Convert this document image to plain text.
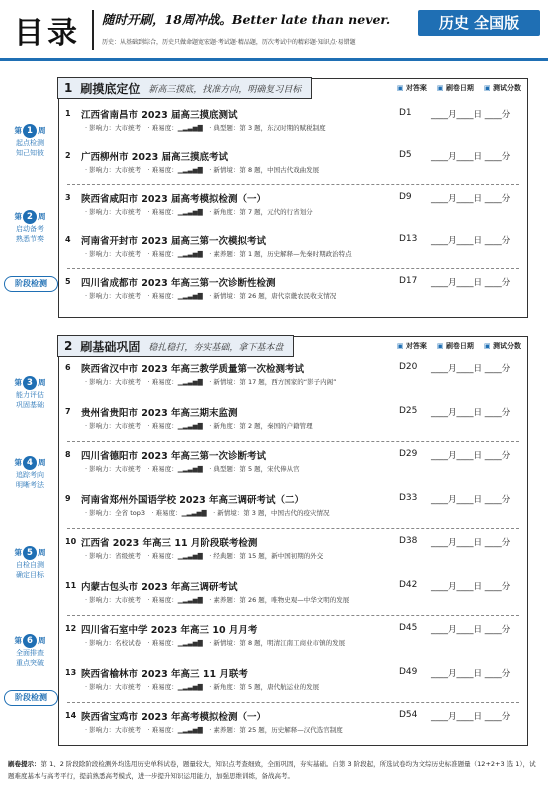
目录 随时开刷，18周冲战。Better late than never.
历史：从基础到综合，历史只做命题宽宏题·考试题·精品题，历次考试中的精彩题·知识点·易错题
历史 全国版
1 刷摸底定位 新高三摸底，找准方向，明确复习目标	▣ 对答案	▣ 刷卷日期	▣ 测试分数
1 江西省南昌市 2023 届高三摸底测试	D1 ____月____日 ____分
· 影响力：大市统考　· 难易度：▁▂▃▅▇　· 典型题：第 3 题，东汉时期的赋税制度
2 广西柳州市 2023 届高三摸底考试	D5 ____月____日 ____分
· 影响力：大市统考　· 难易度：▁▂▃▅▇　· 新情境：第 8 题，中国古代戏曲发展
3 陕西省咸阳市 2023 届高考模拟检测（一）	D9 ____月____日 ____分
· 影响力：大市统考　· 难易度：▁▂▃▅▇　· 新角度：第 7 题，元代的行省划分
4 河南省开封市 2023 届高三第一次模拟考试	D13 ____月____日 ____分
· 影响力：大市统考　· 难易度：▁▂▃▅▇　· 素养题：第 1 题，历史解释—先秦时期政治特点
5 四川省成都市 2023 年高三第一次诊断性检测	D17 ____月____日 ____分
· 影响力：大市统考　· 难易度：▁▂▃▅▇　· 新情境：第 26 题，唐代京畿农民收支情况
2 刷基础巩固 稳扎稳打，夯实基础，拿下基本盘	▣ 对答案	▣ 刷卷日期	▣ 测试分数
6 陕西省汉中市 2023 年高三教学质量第一次检测考试	D20 ____月____日 ____分
· 影响力：大市统考　· 难易度：▁▂▃▅▇　· 新情境：第 17 题，西方国家的“影子内阁”
7 贵州省贵阳市 2023 年高三期末监测	D25 ____月____日 ____分
· 影响力：大市统考　· 难易度：▁▂▃▅▇　· 新角度：第 2 题，秦国的户籍管理
8 四川省德阳市 2023 年高三第一次诊断考试	D29 ____月____日 ____分
· 影响力：大市统考　· 难易度：▁▂▃▅▇　· 典型题：第 5 题，宋代俸从官
9 河南省郑州外国语学校 2023 年高三调研考试（二）	D33 ____月____日 ____分
· 影响力：全省 top3　· 难易度：▁▂▃▅▇　· 新情境：第 3 题，中国古代的疫灾情况
10 江西省 2023 年高三 11 月阶段联考检测	D38 ____月____日 ____分
· 影响力：省级统考　· 难易度：▁▂▃▅▇　· 经典题：第 15 题，新中国初期的外交
11 内蒙古包头市 2023 年高三调研考试	D42 ____月____日 ____分
· 影响力：大市统考　· 难易度：▁▂▃▅▇　· 素养题：第 26 题，唯物史观—中华文明的发展
12 四川省石室中学 2023 年高三 10 月月考	D45 ____月____日 ____分
· 影响力：名校试卷　· 难易度：▁▂▃▅▇　· 新情境：第 8 题，明清江南工商业市镇的发展
13 陕西省榆林市 2023 年高三 11 月联考	D49 ____月____日 ____分
· 影响力：大市统考　· 难易度：▁▂▃▅▇　· 新角度：第 5 题，唐代航运业的发展
14 陕西省宝鸡市 2023 年高考模拟检测（一）	D54 ____月____日 ____分
· 影响力：大市统考　· 难易度：▁▂▃▅▇　· 素养题：第 25 题，历史解释—汉代选官制度
第 1 周
起点检测
知己知彼
第 2 周
启动备考
熟悉节奏
第 3 周
能力评估
巩固基础
第 4 周
追踪考向
明晰考法
第 5 周
自检自测
确定目标
第 6 周
全面排查
重点突破
阶段检测
阶段检测
刷卷提示：第 1、2 阶段除阶段检测外均选用历史单科试卷，题量较大，知识点考查细致，全面巩固，夯实基础。自第 3 阶段起，所选试卷均为文综历史标准题量（12+2+3 选 1），试题难度基本与高考平行，提前熟悉高考模式，进一步提升知识运用能力，加强思维训练，备战高考。
